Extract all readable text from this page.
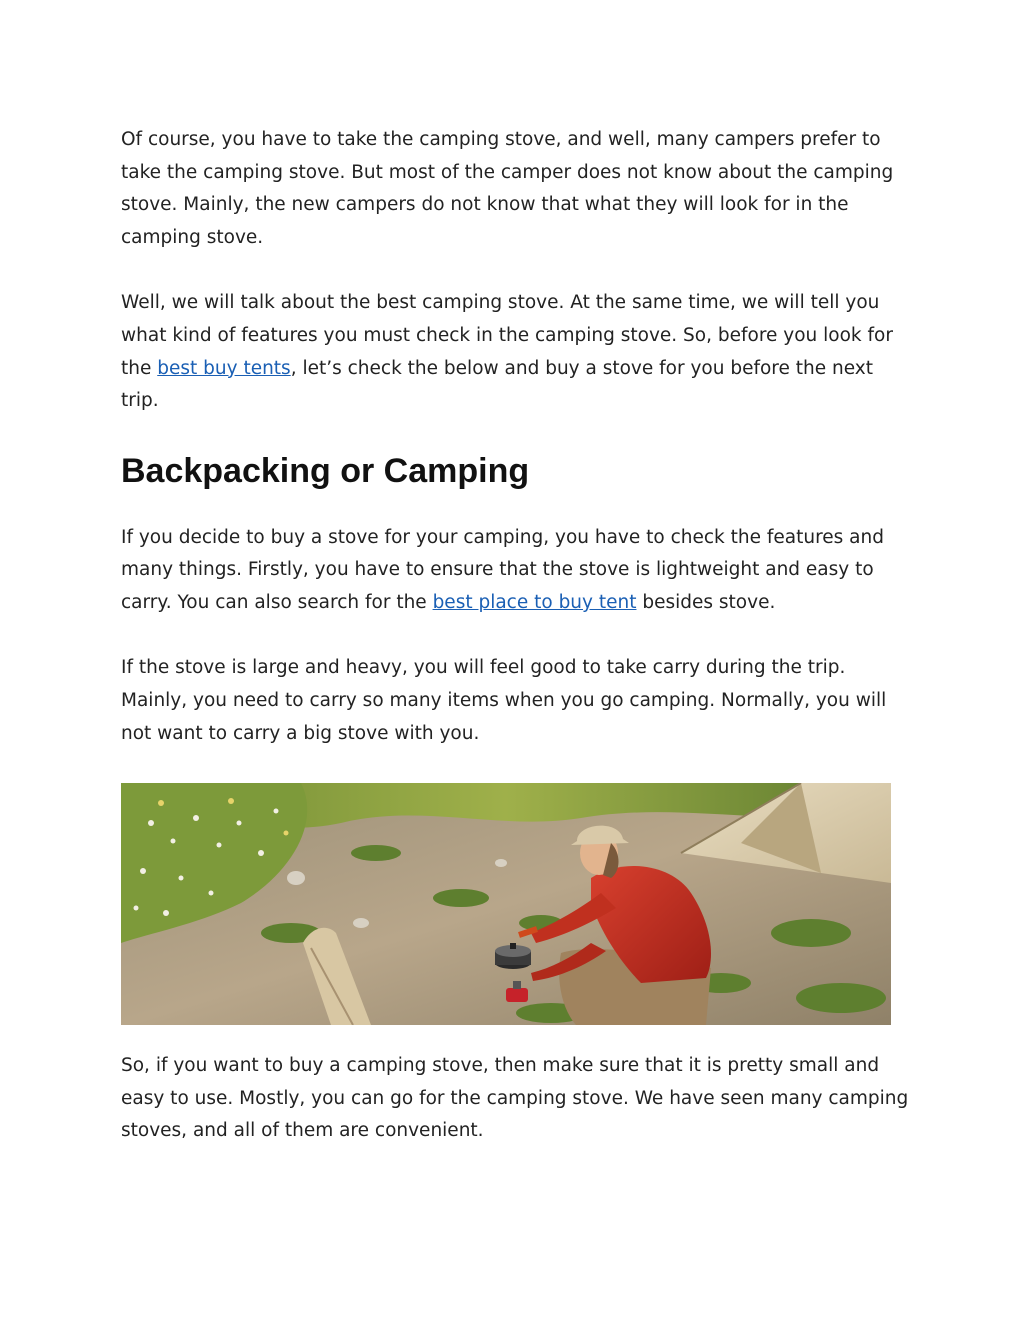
Of course, you have to take the camping stove, and well, many campers prefer to take the camping stove. But most of the camper does not know about the camping stove. Mainly, the new campers do not know that what they will look for in the camping stove.

Well, we will talk about the best camping stove. At the same time, we will tell you what kind of features you must check in the camping stove. So, before you look for the best buy tents, let’s check the below and buy a stove for you before the next trip.

Backpacking or Camping

If you decide to buy a stove for your camping, you have to check the features and many things. Firstly, you have to ensure that the stove is lightweight and easy to carry. You can also search for the best place to buy tent besides stove.

If the stove is large and heavy, you will feel good to take carry during the trip. Mainly, you need to carry so many items when you go camping. Normally, you will not want to carry a big stove with you.

So, if you want to buy a camping stove, then make sure that it is pretty small and easy to use. Mostly, you can go for the camping stove. We have seen many camping stoves, and all of them are convenient.
